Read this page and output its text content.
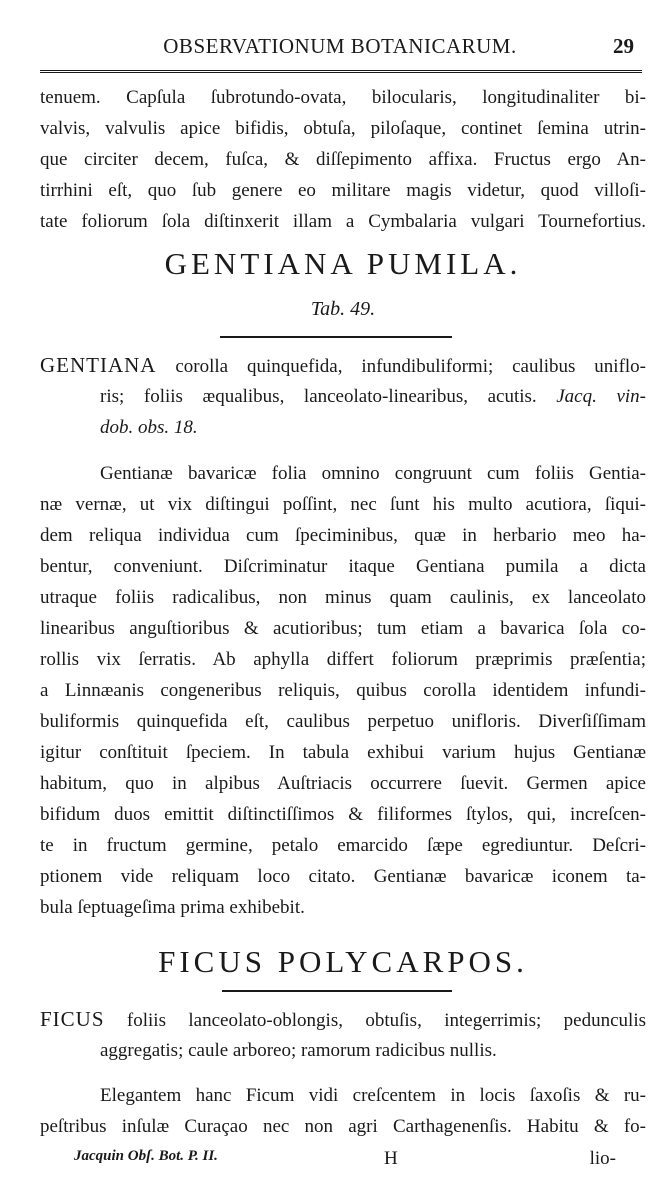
OBSERVATIONUM BOTANICARUM.	29
tenuem. Capſula ſubrotundo-ovata, bilocularis, longitudinaliter bi-
valvis, valvulis apice bifidis, obtuſa, piloſaque, continet ſemina utrin-
que circiter decem, fuſca, & diſſepimento affixa. Fructus ergo An-
tirrhini eſt, quo ſub genere eo militare magis videtur, quod villoſi-
tate foliorum ſola diſtinxerit illam a Cymbalaria vulgari Tournefortius.
GENTIANA PUMILA.
Tab. 49.
GENTIANA corolla quinquefida, infundibuliformi; caulibus uniflo-
ris; foliis æqualibus, lanceolato-linearibus, acutis. Jacq. vin-
dob. obs. 18.
Gentianæ bavaricæ folia omnino congruunt cum foliis Gentia-
næ vernæ, ut vix diſtingui poſſint, nec ſunt his multo acutiora, ſiqui-
dem reliqua individua cum ſpeciminibus, quæ in herbario meo ha-
bentur, conveniunt. Diſcriminatur itaque Gentiana pumila a dicta
utraque foliis radicalibus, non minus quam caulinis, ex lanceolato
linearibus anguſtioribus & acutioribus; tum etiam a bavarica ſola co-
rollis vix ſerratis. Ab aphylla differt foliorum præprimis præſentia;
a Linnæanis congeneribus reliquis, quibus corolla identidem infundi-
buliformis quinquefida eſt, caulibus perpetuo unifloris. Diverſiſſimam
igitur conſtituit ſpeciem. In tabula exhibui varium hujus Gentianæ
habitum, quo in alpibus Auſtriacis occurrere ſuevit. Germen apice
bifidum duos emittit diſtinctiſſimos & filiformes ſtylos, qui, increſcen-
te in fructum germine, petalo emarcido ſæpe egrediuntur. Deſcri-
ptionem vide reliquam loco citato. Gentianæ bavaricæ iconem ta-
bula ſeptuageſima prima exhibebit.
FICUS POLYCARPOS.
FICUS foliis lanceolato-oblongis, obtuſis, integerrimis; pedunculis
aggregatis; caule arboreo; ramorum radicibus nullis.
Elegantem hanc Ficum vidi creſcentem in locis ſaxoſis & ru-
peſtribus inſulæ Curaçao nec non agri Carthagenenſis. Habitu & fo-
Jacquin Obſ. Bot. P. II.	H	lio-
